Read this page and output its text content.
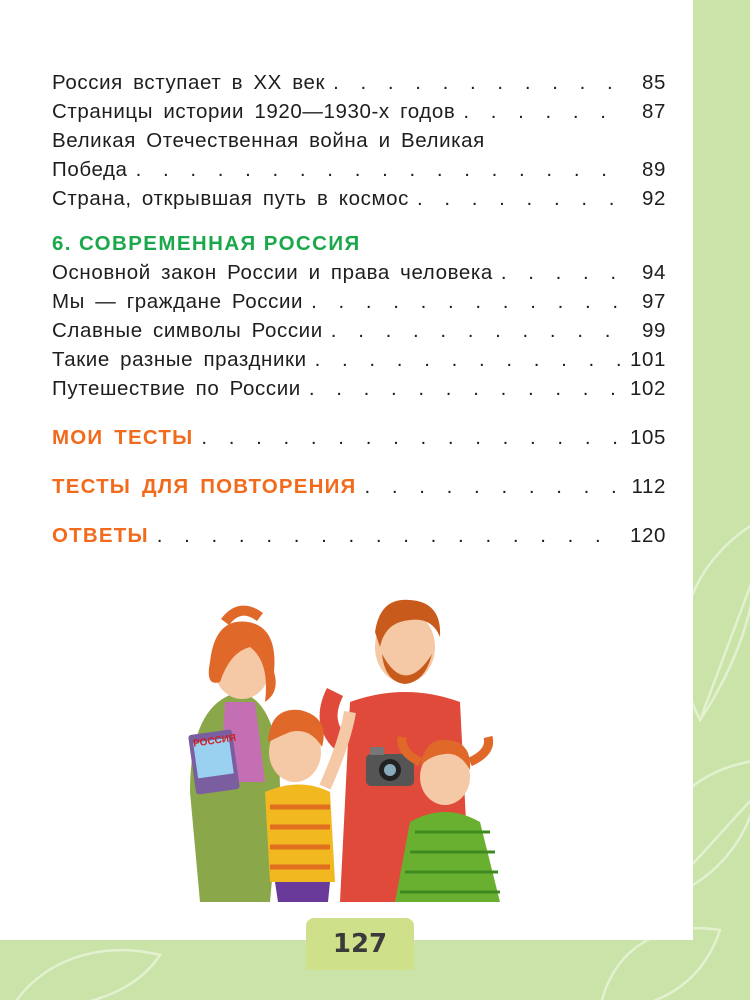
Россия вступает в XX век . . .	85
Страницы истории 1920—1930-х годов . . .	87
Великая Отечественная война и Великая
Победа . . .	89
Страна, открывшая путь в космос . . .	92
6. СОВРЕМЕННАЯ РОССИЯ
Основной закон России и права человека . . .	94
Мы — граждане России . . .	97
Славные символы России . . .	99
Такие разные праздники . . .	101
Путешествие по России . . .	102
МОИ ТЕСТЫ . . .	105
ТЕСТЫ ДЛЯ ПОВТОРЕНИЯ . . .	112
ОТВЕТЫ . . .	120
РОССИЯ
127
